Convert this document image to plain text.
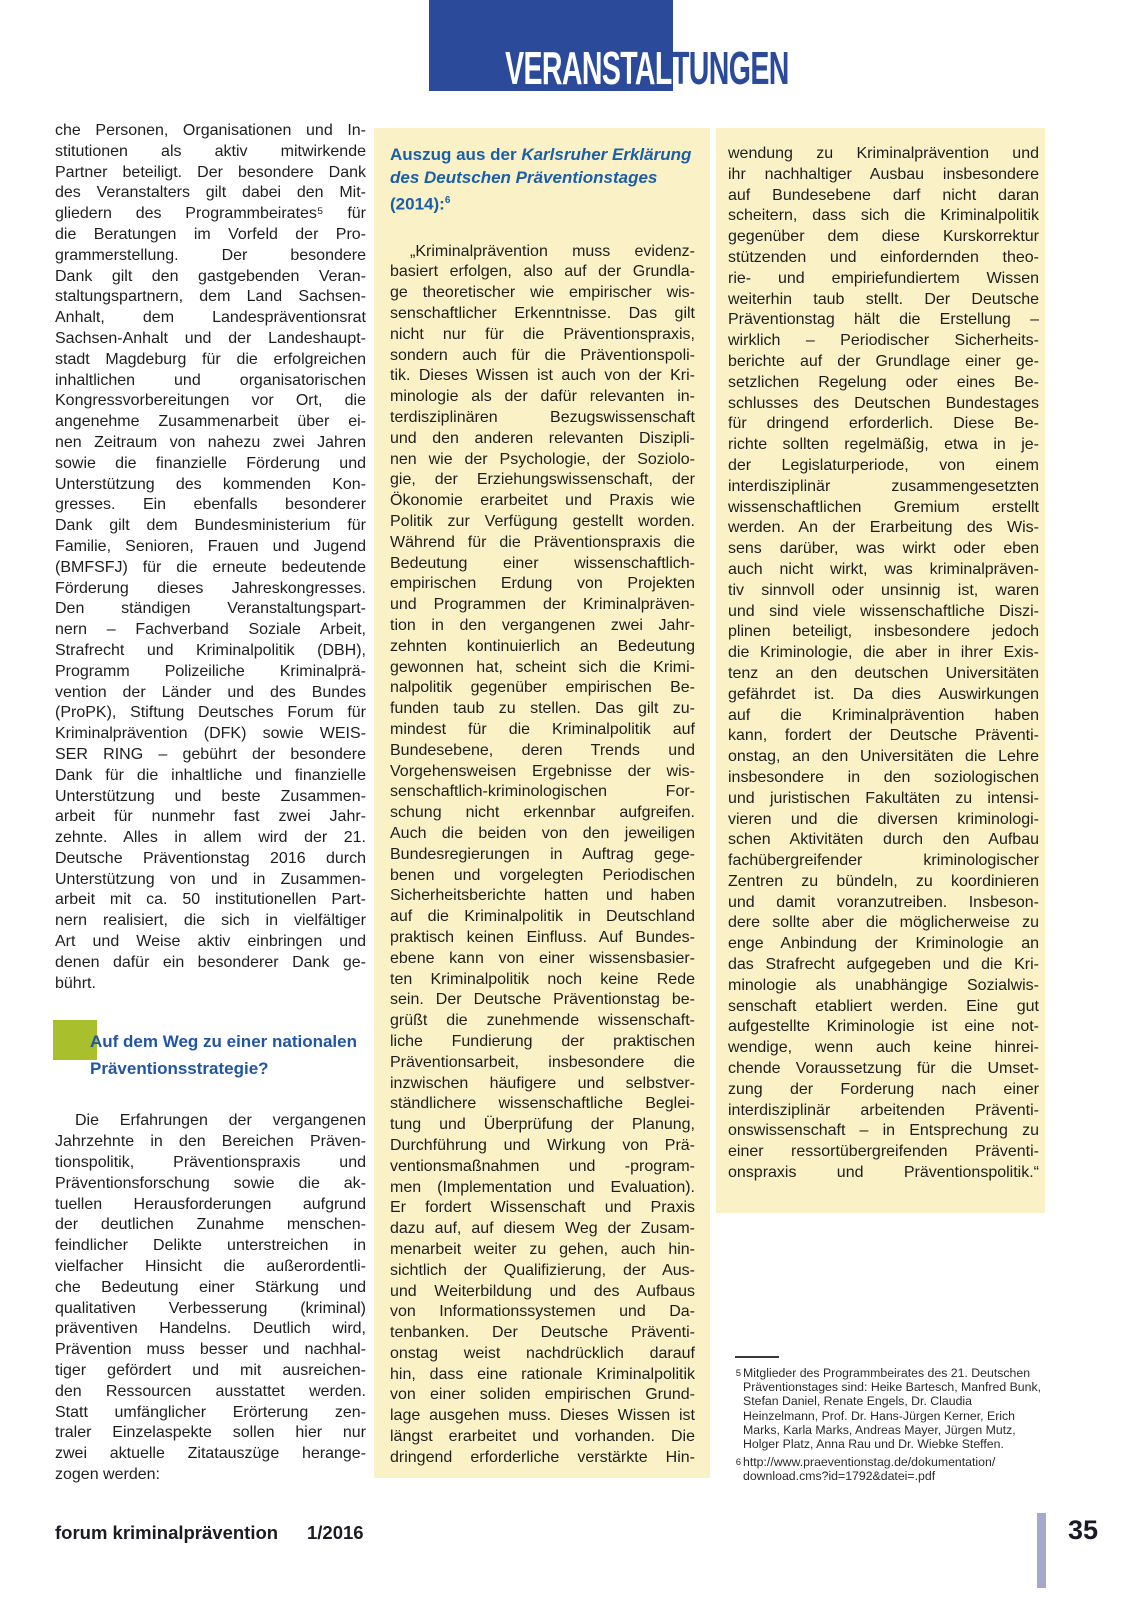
VERANSTAL TUNGEN
che Personen, Organisationen und In-
stitutionen als aktiv mitwirkende
Partner beteiligt. Der besondere Dank
des Veranstalters gilt dabei den Mit-
gliedern des Programmbeirates⁵ für
die Beratungen im Vorfeld der Pro-
grammerstellung. Der besondere
Dank gilt den gastgebenden Veran-
staltungspartnern, dem Land Sachsen-
Anhalt, dem Landespräventionsrat
Sachsen-Anhalt und der Landeshaupt-
stadt Magdeburg für die erfolgreichen
inhaltlichen und organisatorischen
Kongressvorbereitungen vor Ort, die
angenehme Zusammenarbeit über ei-
nen Zeitraum von nahezu zwei Jahren
sowie die finanzielle Förderung und
Unterstützung des kommenden Kon-
gresses. Ein ebenfalls besonderer
Dank gilt dem Bundesministerium für
Familie, Senioren, Frauen und Jugend
(BMFSFJ) für die erneute bedeutende
Förderung dieses Jahreskongresses.
Den ständigen Veranstaltungspart-
nern – Fachverband Soziale Arbeit,
Strafrecht und Kriminalpolitik (DBH),
Programm Polizeiliche Kriminalprä-
vention der Länder und des Bundes
(ProPK), Stiftung Deutsches Forum für
Kriminalprävention (DFK) sowie WEIS-
SER RING – gebührt der besondere
Dank für die inhaltliche und finanzielle
Unterstützung und beste Zusammen-
arbeit für nunmehr fast zwei Jahr-
zehnte. Alles in allem wird der 21.
Deutsche Präventionstag 2016 durch
Unterstützung von und in Zusammen-
arbeit mit ca. 50 institutionellen Part-
nern realisiert, die sich in vielfältiger
Art und Weise aktiv einbringen und
denen dafür ein besonderer Dank ge-
bührt.
Auf dem Weg zu einer nationalen
Präventionsstrategie?
Die Erfahrungen der vergangenen
Jahrzehnte in den Bereichen Präven-
tionspolitik, Präventionspraxis und
Präventionsforschung sowie die ak-
tuellen Herausforderungen aufgrund
der deutlichen Zunahme menschen-
feindlicher Delikte unterstreichen in
vielfacher Hinsicht die außerordentli-
che Bedeutung einer Stärkung und
qualitativen Verbesserung (kriminal)
präventiven Handelns. Deutlich wird,
Prävention muss besser und nachhal-
tiger gefördert und mit ausreichen-
den Ressourcen ausstattet werden.
Statt umfänglicher Erörterung zen-
traler Einzelaspekte sollen hier nur
zwei aktuelle Zitatauszüge herange-
zogen werden:
Auszug aus der Karlsruher Erklärung
des Deutschen Präventionstages
(2014):$^6$
„Kriminalprävention muss evidenz-
basiert erfolgen, also auf der Grundla-
ge theoretischer wie empirischer wis-
senschaftlicher Erkenntnisse. Das gilt
nicht nur für die Präventionspraxis,
sondern auch für die Präventionspoli-
tik. Dieses Wissen ist auch von der Kri-
minologie als der dafür relevanten in-
terdisziplinären Bezugswissenschaft
und den anderen relevanten Diszipli-
nen wie der Psychologie, der Soziolo-
gie, der Erziehungswissenschaft, der
Ökonomie erarbeitet und Praxis wie
Politik zur Verfügung gestellt worden.
Während für die Präventionspraxis die
Bedeutung einer wissenschaftlich-
empirischen Erdung von Projekten
und Programmen der Kriminalpräven-
tion in den vergangenen zwei Jahr-
zehnten kontinuierlich an Bedeutung
gewonnen hat, scheint sich die Krimi-
nalpolitik gegenüber empirischen Be-
funden taub zu stellen. Das gilt zu-
mindest für die Kriminalpolitik auf
Bundesebene, deren Trends und
Vorgehensweisen Ergebnisse der wis-
senschaftlich-kriminologischen For-
schung nicht erkennbar aufgreifen.
Auch die beiden von den jeweiligen
Bundesregierungen in Auftrag gege-
benen und vorgelegten Periodischen
Sicherheitsberichte hatten und haben
auf die Kriminalpolitik in Deutschland
praktisch keinen Einfluss. Auf Bundes-
ebene kann von einer wissensbasier-
ten Kriminalpolitik noch keine Rede
sein. Der Deutsche Präventionstag be-
grüßt die zunehmende wissenschaft-
liche Fundierung der praktischen
Präventionsarbeit, insbesondere die
inzwischen häufigere und selbstver-
ständlichere wissenschaftliche Beglei-
tung und Überprüfung der Planung,
Durchführung und Wirkung von Prä-
ventionsmaßnahmen und -program-
men (Implementation und Evaluation).
Er fordert Wissenschaft und Praxis
dazu auf, auf diesem Weg der Zusam-
menarbeit weiter zu gehen, auch hin-
sichtlich der Qualifizierung, der Aus-
und Weiterbildung und des Aufbaus
von Informationssystemen und Da-
tenbanken. Der Deutsche Präventi-
onstag weist nachdrücklich darauf
hin, dass eine rationale Kriminalpolitik
von einer soliden empirischen Grund-
lage ausgehen muss. Dieses Wissen ist
längst erarbeitet und vorhanden. Die
dringend erforderliche verstärkte Hin-
wendung zu Kriminalprävention und
ihr nachhaltiger Ausbau insbesondere
auf Bundesebene darf nicht daran
scheitern, dass sich die Kriminalpolitik
gegenüber dem diese Kurskorrektur
stützenden und einfordernden theo-
rie- und empiriefundiertem Wissen
weiterhin taub stellt. Der Deutsche
Präventionstag hält die Erstellung –
wirklich – Periodischer Sicherheits-
berichte auf der Grundlage einer ge-
setzlichen Regelung oder eines Be-
schlusses des Deutschen Bundestages
für dringend erforderlich. Diese Be-
richte sollten regelmäßig, etwa in je-
der Legislaturperiode, von einem
interdisziplinär zusammengesetzten
wissenschaftlichen Gremium erstellt
werden. An der Erarbeitung des Wis-
sens darüber, was wirkt oder eben
auch nicht wirkt, was kriminalpräven-
tiv sinnvoll oder unsinnig ist, waren
und sind viele wissenschaftliche Diszi-
plinen beteiligt, insbesondere jedoch
die Kriminologie, die aber in ihrer Exis-
tenz an den deutschen Universitäten
gefährdet ist. Da dies Auswirkungen
auf die Kriminalprävention haben
kann, fordert der Deutsche Präventi-
onstag, an den Universitäten die Lehre
insbesondere in den soziologischen
und juristischen Fakultäten zu intensi-
vieren und die diversen kriminologi-
schen Aktivitäten durch den Aufbau
fachübergreifender kriminologischer
Zentren zu bündeln, zu koordinieren
und damit voranzutreiben. Insbeson-
dere sollte aber die möglicherweise zu
enge Anbindung der Kriminologie an
das Strafrecht aufgegeben und die Kri-
minologie als unabhängige Sozialwis-
senschaft etabliert werden. Eine gut
aufgestellte Kriminologie ist eine not-
wendige, wenn auch keine hinrei-
chende Voraussetzung für die Umset-
zung der Forderung nach einer
interdisziplinär arbeitenden Präventi-
onswissenschaft – in Entsprechung zu
einer ressortübergreifenden Präventi-
onspraxis und Präventionspolitik.“
5 Mitglieder des Programmbeirates des 21. Deutschen Präventionstages sind: Heike Bartesch, Manfred Bunk, Stefan Daniel, Renate Engels, Dr. Claudia Heinzelmann, Prof. Dr. Hans-Jürgen Kerner, Erich Marks, Karla Marks, Andreas Mayer, Jürgen Mutz, Holger Platz, Anna Rau und Dr. Wiebke Steffen.
6 http://www.praeventionstag.de/dokumentation/ download.cms?id=1792&datei=.pdf
forum kriminalprävention 1/2016	35
